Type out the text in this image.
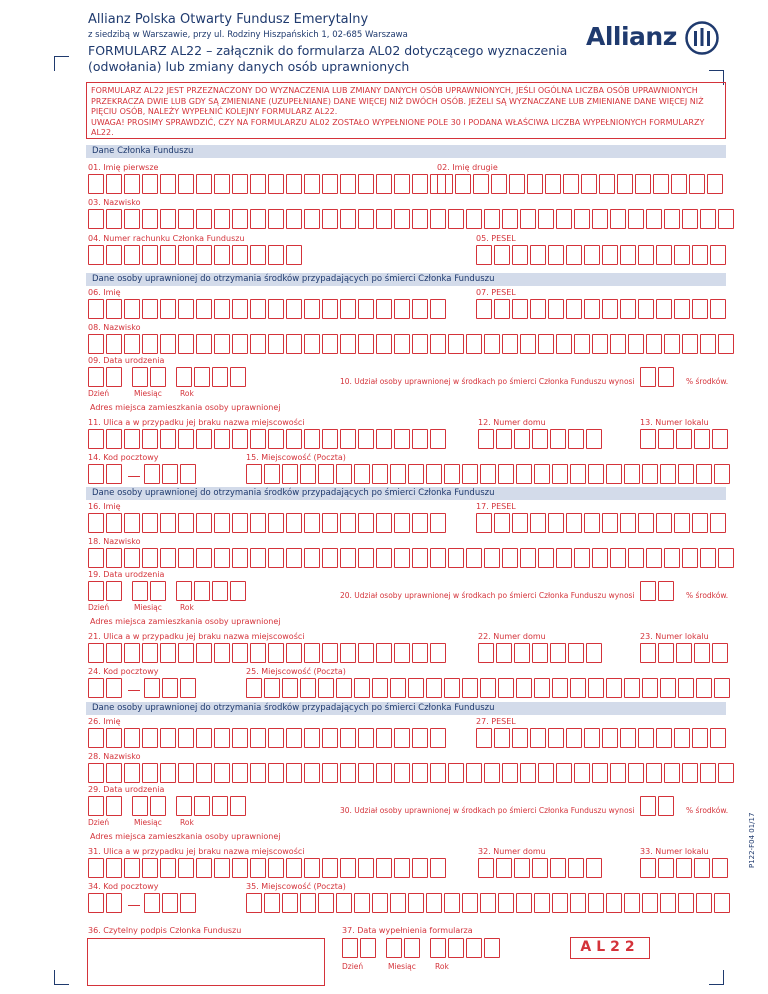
Allianz Polska Otwarty Fundusz Emerytalny
z siedzibą w Warszawie, przy ul. Rodziny Hiszpańskich 1, 02-685 Warszawa
FORMULARZ AL22 – załącznik do formularza AL02 dotyczącego wyznaczenia
(odwołania) lub zmiany danych osób uprawnionych
Allianz
FORMULARZ AL22 JEST PRZEZNACZONY DO WYZNACZENIA LUB ZMIANY DANYCH OSÓB UPRAWNIONYCH, JEŚLI OGÓLNA LICZBA OSÓB UPRAWNIONYCH PRZEKRACZA DWIE LUB GDY SĄ ZMIENIANE (UZUPEŁNIANE) DANE WIĘCEJ NIŻ DWÓCH OSÓB. JEŻELI SĄ WYZNACZANE LUB ZMIENIANE DANE WIĘCEJ NIŻ PIĘCIU OSÓB, NALEŻY WYPEŁNIĆ KOLEJNY FORMULARZ AL22.
UWAGA! PROSIMY SPRAWDZIĆ, CZY NA FORMULARZU AL02 ZOSTAŁO WYPEŁNIONE POLE 30 I PODANA WŁAŚCIWA LICZBA WYPEŁNIONYCH FORMULARZY AL22.
Dane Członka Funduszu
01. Imię pierwsze	02. Imię drugie
03. Nazwisko
04. Numer rachunku Członka Funduszu	05. PESEL
Dane osoby uprawnionej do otrzymania środków przypadających po śmierci Członka Funduszu
06. Imię	07. PESEL
08. Nazwisko
09. Data urodzenia
Dzień	Miesiąc Rok
10. Udział osoby uprawnionej w środkach po śmierci Członka Funduszu wynosi	% środków.
Adres miejsca zamieszkania osoby uprawnionej
11. Ulica a w przypadku jej braku nazwa miejscowości	12. Numer domu	13. Numer lokalu
14. Kod pocztowy	15. Miejscowość (Poczta)
Dane osoby uprawnionej do otrzymania środków przypadających po śmierci Członka Funduszu
16. Imię	17. PESEL
18. Nazwisko
19. Data urodzenia
Dzień	Miesiąc Rok
20. Udział osoby uprawnionej w środkach po śmierci Członka Funduszu wynosi	% środków.
Adres miejsca zamieszkania osoby uprawnionej
21. Ulica a w przypadku jej braku nazwa miejscowości	22. Numer domu	23. Numer lokalu
24. Kod pocztowy	25. Miejscowość (Poczta)
Dane osoby uprawnionej do otrzymania środków przypadających po śmierci Członka Funduszu
26. Imię	27. PESEL
28. Nazwisko
29. Data urodzenia
Dzień	Miesiąc Rok
30. Udział osoby uprawnionej w środkach po śmierci Członka Funduszu wynosi	% środków.
Adres miejsca zamieszkania osoby uprawnionej
31. Ulica a w przypadku jej braku nazwa miejscowości	32. Numer domu	33. Numer lokalu
34. Kod pocztowy	35. Miejscowość (Poczta)
36. Czytelny podpis Członka Funduszu	37. Data wypełnienia formularza
Dzień	Miesiąc	Rok
AL22
P122-F04 01/17
